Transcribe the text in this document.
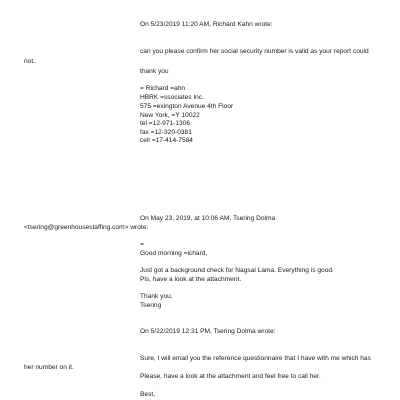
On 5/23/2019 11:20 AM, Richard Kahn wrote:

can you please confirm her social security number is valid as your report could

not..

thank you

= Richard =ahn

HBRK =ssociates Inc.

575 =exington Avenue 4th Floor

New York, =Y 10022

tel =12-971-1306

fax =12-320-0381

cell =17-414-7584

On May 23, 2019, at 10:06 AM, Tsering Dolma

<tsering@greenhousestaffing.com> wrote:

=

Good morning =ichard,

Just got a background check for Nagsal Lama. Everything is good.

Pls, have a look at the attachment.

Thank you,

Tsering

On 5/22/2019 12:31 PM, Tsering Dolma wrote:

Sure, I will email you the reference questionnaire that I have with me which has

her number on it.

Please, have a look at the attachment and feel free to call her.

Best,
